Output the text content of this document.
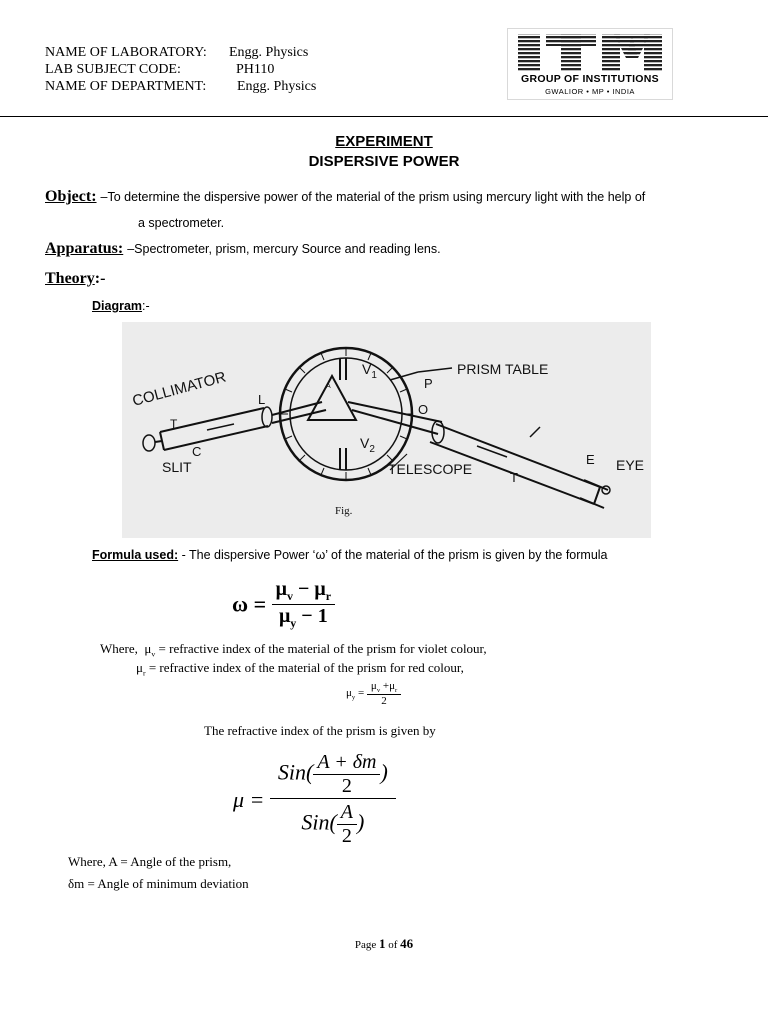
NAME OF LABORATORY: Engg. Physics
LAB SUBJECT CODE:	PH110
NAME OF DEPARTMENT: Engg. Physics	GROUP OF INSTITUTIONS
GWALIOR • MP • INDIA
EXPERIMENT
DISPERSIVE POWER
Object: –To determine the dispersive power of the material of the prism using mercury light with the help of
a spectrometer.
Apparatus: –Spectrometer, prism, mercury Source and reading lens.
Theory:-
Diagram:-
COLLIMATOR	PRISM TABLE
TELESCOPE
SLIT	EYE
$V_1$
$V_2$
L
C
P
O
T
T
E
A
Fig.
Formula used: - The dispersive Power ‘ω’ of the material of the prism is given by the formula
$\omega = \frac{\mu_v - \mu_r}{\mu_y - 1}$
Where, $\mu_v$ = refractive index of the material of the prism for violet colour,
$\mu_r$ = refractive index of the material of the prism for red colour,
$\mu_y = \frac{\mu_v +\mu_r}{2}$
The refractive index of the prism is given by
$\mu = \frac{Sin( \frac{A + \delta m}{2} )}{Sin( \frac{A}{2} )}$
Where, A = Angle of the prism,
δm = Angle of minimum deviation
Page 1 of 46
